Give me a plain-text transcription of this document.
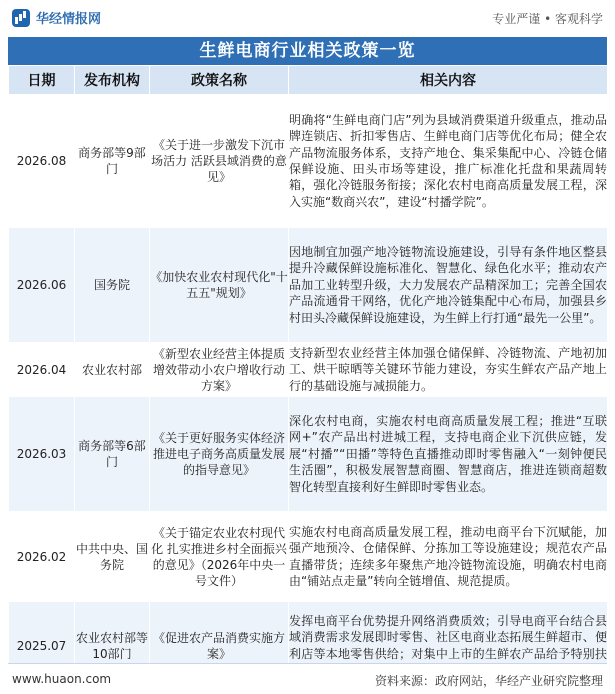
华经情报网	专业严谨 • 客观科学
生鲜电商行业相关政策一览
日期	发布机构	政策名称	相关内容
2026.08	商务部等9部门	《关于进一步激发下沉市场活力 活跃县域消费的意见》	明确将“生鲜电商门店”列为县域消费渠道升级重点，推动品牌连锁店、折扣零售店、生鲜电商门店等优化布局；健全农产品物流服务体系，支持产地仓、集采集配中心、冷链仓储保鲜设施、田头市场等建设，推广标准化托盘和果蔬周转箱，强化冷链服务衔接；深化农村电商高质量发展工程，深入实施“数商兴农”，建设“村播学院”。
2026.06	国务院	《加快农业农村现代化"十五五"规划》	因地制宜加强产地冷链物流设施建设，引导有条件地区整县提升冷藏保鲜设施标准化、智慧化、绿色化水平；推动农产品加工业转型升级，大力发展农产品精深加工；完善全国农产品流通骨干网络，优化产地冷链集配中心布局，加强县乡村田头冷藏保鲜设施建设，为生鲜上行打通“最先一公里”。
2026.04	农业农村部	《新型农业经营主体提质增效带动小农户增收行动方案》	支持新型农业经营主体加强仓储保鲜、冷链物流、产地初加工、烘干晾晒等关键环节能力建设，夯实生鲜农产品产地上行的基础设施与减损能力。
2026.03	商务部等6部门	《关于更好服务实体经济 推进电子商务高质量发展的指导意见》	深化农村电商，实施农村电商高质量发展工程；推进“互联网+”农产品出村进城工程，支持电商企业下沉供应链，发展“村播”“田播”等特色直播推动即时零售融入“一刻钟便民生活圈”，积极发展智慧商圈、智慧商店，推进连锁商超数智化转型直接利好生鲜即时零售业态。
2026.02	中共中央、国务院	《关于锚定农业农村现代化 扎实推进乡村全面振兴的意见》（2026年中央一号文件）	实施农村电商高质量发展工程，推动电商平台下沉赋能，加强产地预冷、仓储保鲜、分拣加工等设施建设；规范农产品直播带货；连续多年聚焦产地冷链物流设施，明确农村电商由“铺站点走量”转向全链增值、规范提质。
2025.07	农业农村部等10部门	《促进农产品消费实施方案》	发挥电商平台优势提升网络消费质效；引导电商平台结合县域消费需求发展即时零售、社区电商业态拓展生鲜超市、便利店等本地零售供给；对集中上市的生鲜农产品给予特别扶
www.huaon.com	资料来源：政府网站，华经产业研究院整理
